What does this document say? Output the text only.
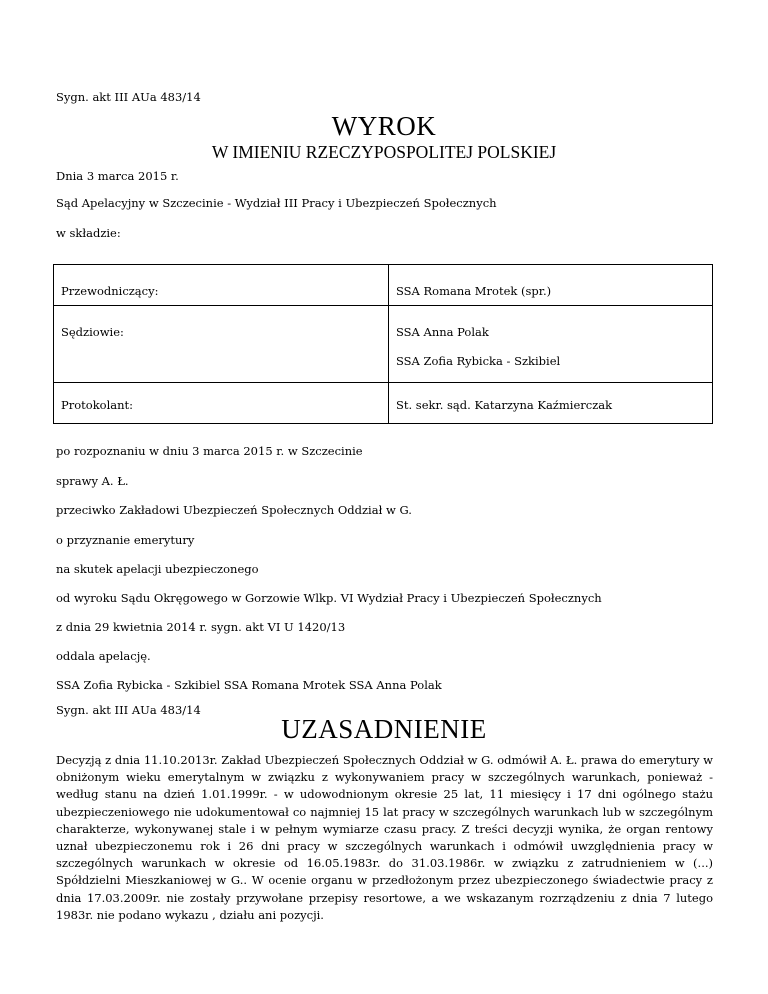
Sygn. akt III AUa 483/14
WYROK
W IMIENIU RZECZYPOSPOLITEJ POLSKIEJ
Dnia 3 marca 2015 r.
Sąd Apelacyjny w Szczecinie - Wydział III Pracy i Ubezpieczeń Społecznych
w składzie:
Przewodniczący:	SSA Romana Mrotek (spr.)

Sędziowie:	SSA Anna Polak
SSA Zofia Rybicka - Szkibiel

Protokolant:	St. sekr. sąd. Katarzyna Kaźmierczak
po rozpoznaniu w dniu 3 marca 2015 r. w Szczecinie
sprawy A. Ł.
przeciwko Zakładowi Ubezpieczeń Społecznych Oddział w G.
o przyznanie emerytury
na skutek apelacji ubezpieczonego
od wyroku Sądu Okręgowego w Gorzowie Wlkp. VI Wydział Pracy i Ubezpieczeń Społecznych
z dnia 29 kwietnia 2014 r. sygn. akt VI U 1420/13
oddala apelację.
SSA Zofia Rybicka - Szkibiel SSA Romana Mrotek SSA Anna Polak
Sygn. akt III AUa 483/14
UZASADNIENIE
Decyzją z dnia 11.10.2013r. Zakład Ubezpieczeń Społecznych Oddział w G. odmówił A. Ł. prawa do emerytury w obniżonym wieku emerytalnym w związku z wykonywaniem pracy w szczególnych warunkach, ponieważ - według stanu na dzień 1.01.1999r. - w udowodnionym okresie 25 lat, 11 miesięcy i 17 dni ogólnego stażu ubezpieczeniowego nie udokumentował co najmniej 15 lat pracy w szczególnych warunkach lub w szczególnym charakterze, wykonywanej stale i w pełnym wymiarze czasu pracy. Z treści decyzji wynika, że organ rentowy uznał ubezpieczonemu rok i 26 dni pracy w szczególnych warunkach i odmówił uwzględnienia pracy w szczególnych warunkach w okresie od 16.05.1983r. do 31.03.1986r. w związku z zatrudnieniem w (...) Spółdzielni Mieszkaniowej w G.. W ocenie organu w przedłożonym przez ubezpieczonego świadectwie pracy z dnia 17.03.2009r. nie zostały przywołane przepisy resortowe, a we wskazanym rozrządzeniu z dnia 7 lutego 1983r. nie podano wykazu , działu ani pozycji.
